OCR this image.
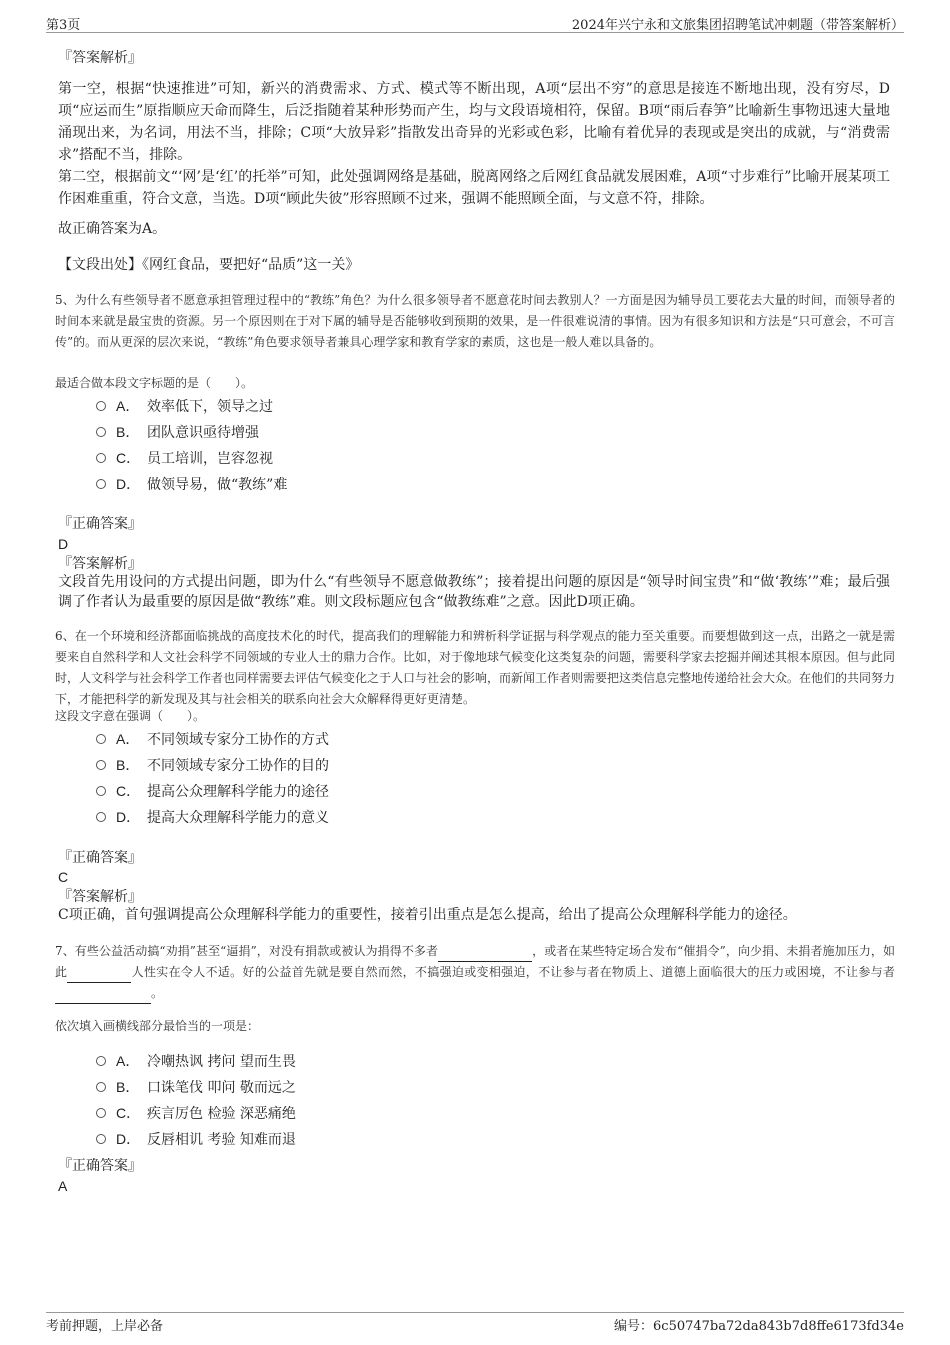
第3页	2024年兴宁永和文旅集团招聘笔试冲刺题（带答案解析）
『答案解析』
第一空，根据“快速推进”可知，新兴的消费需求、方式、模式等不断出现，A项“层出不穷”的意思是接连不断地出现，没有穷尽，D项“应运而生”原指顺应天命而降生，后泛指随着某种形势而产生，均与文段语境相符，保留。B项“雨后春笋”比喻新生事物迅速大量地涌现出来，为名词，用法不当，排除；C项“大放异彩”指散发出奇异的光彩或色彩，比喻有着优异的表现或是突出的成就，与“消费需求”搭配不当，排除。
第二空，根据前文“‘网’是‘红’的托举”可知，此处强调网络是基础，脱离网络之后网红食品就发展困难，A项“寸步难行”比喻开展某项工作困难重重，符合文意，当选。D项“顾此失彼”形容照顾不过来，强调不能照顾全面，与文意不符，排除。
故正确答案为A。
【文段出处】《网红食品，要把好“品质”这一关》
5、为什么有些领导者不愿意承担管理过程中的“教练”角色？为什么很多领导者不愿意花时间去教别人？一方面是因为辅导员工要花去大量的时间，而领导者的时间本来就是最宝贵的资源。另一个原因则在于对下属的辅导是否能够收到预期的效果，是一件很难说清的事情。因为有很多知识和方法是“只可意会，不可言传”的。而从更深的层次来说，“教练”角色要求领导者兼具心理学家和教育学家的素质，这也是一般人难以具备的。
最适合做本段文字标题的是（　　）。
A． 效率低下，领导之过
B． 团队意识亟待增强
C． 员工培训，岂容忽视
D． 做领导易，做“教练”难
『正确答案』
D
『答案解析』
文段首先用设问的方式提出问题，即为什么“有些领导不愿意做教练”；接着提出问题的原因是“领导时间宝贵”和“做‘教练’”难；最后强调了作者认为最重要的原因是做“教练”难。则文段标题应包含“做教练难”之意。因此D项正确。
6、在一个环境和经济都面临挑战的高度技术化的时代，提高我们的理解能力和辨析科学证据与科学观点的能力至关重要。而要想做到这一点，出路之一就是需要来自自然科学和人文社会科学不同领域的专业人士的鼎力合作。比如，对于像地球气候变化这类复杂的问题，需要科学家去挖掘并阐述其根本原因。但与此同时，人文科学与社会科学工作者也同样需要去评估气候变化之于人口与社会的影响，而新闻工作者则需要把这类信息完整地传递给社会大众。在他们的共同努力下，才能把科学的新发现及其与社会相关的联系向社会大众解释得更好更清楚。
这段文字意在强调（　　）。
A． 不同领域专家分工协作的方式
B． 不同领域专家分工协作的目的
C． 提高公众理解科学能力的途径
D． 提高大众理解科学能力的意义
『正确答案』
C
『答案解析』
C项正确，首句强调提高公众理解科学能力的重要性，接着引出重点是怎么提高，给出了提高公众理解科学能力的途径。
7、有些公益活动搞“劝捐”甚至“逼捐”，对没有捐款或被认为捐得不多者	，或者在某些特定场合发布“催捐令”，向少捐、未捐者施加压力，如此	人性实在令人不适。好的公益首先就是要自然而然，不搞强迫或变相强迫，不让参与者在物质上、道德上面临很大的压力或困境，不让参与者。
依次填入画横线部分最恰当的一项是：
A． 冷嘲热讽 拷问 望而生畏
B． 口诛笔伐 叩问 敬而远之
C． 疾言厉色 检验 深恶痛绝
D． 反唇相讥 考验 知难而退
『正确答案』
A
考前押题，上岸必备	编号：6c50747ba72da843b7d8ffe6173fd34e
